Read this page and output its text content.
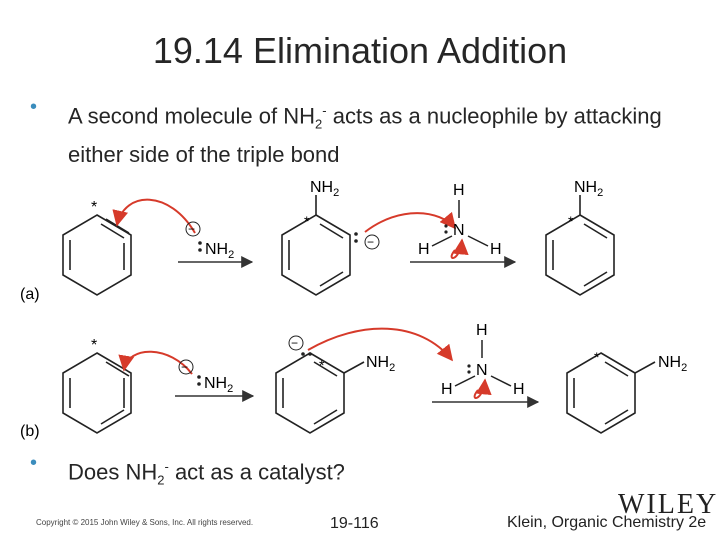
19.14 Elimination Addition
• A second molecule of $NH_2^-$ acts as a nucleophile by attacking either side of the triple bond
(a)
*
−
$NH_2$
$NH_2$
*
−
H
N
H	H
$NH_2$
*
(b)
*
−
$NH_2$
$NH_2$
*
−
H
N
H	H
$NH_2$
*
• Does $NH_2^-$ act as a catalyst?
WILEY
Copyright © 2015 John Wiley & Sons, Inc. All rights reserved.	19-116	Klein, Organic Chemistry 2e
